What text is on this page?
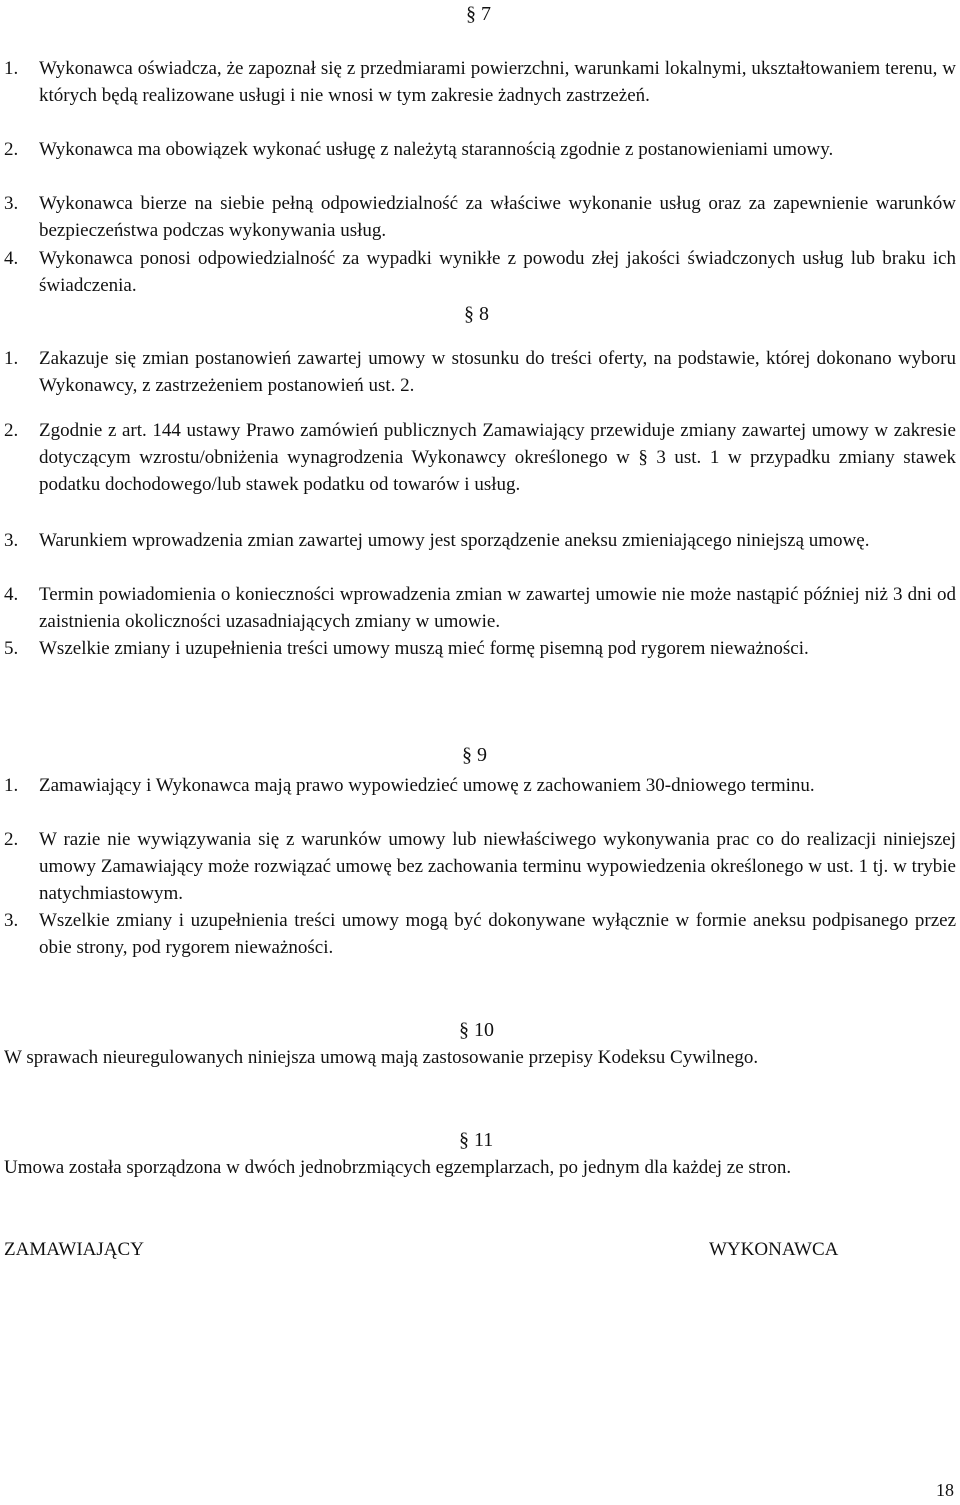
§ 7
1.	Wykonawca oświadcza, że zapoznał się z przedmiarami powierzchni, warunkami lokalnymi, ukształtowaniem terenu, w których będą realizowane usługi i nie wnosi w tym zakresie żadnych zastrzeżeń.
2.	Wykonawca ma obowiązek wykonać usługę z należytą starannością zgodnie z postanowieniami umowy.
3.	Wykonawca bierze na siebie pełną odpowiedzialność za właściwe wykonanie usług oraz za zapewnienie warunków bezpieczeństwa podczas wykonywania usług.
4.	Wykonawca ponosi odpowiedzialność za wypadki wynikłe z powodu złej jakości świadczonych usług lub braku ich świadczenia.
§ 8
1.	Zakazuje się zmian postanowień zawartej umowy w stosunku do treści oferty, na podstawie, której dokonano wyboru Wykonawcy, z zastrzeżeniem postanowień ust. 2.
2.	Zgodnie z art. 144 ustawy Prawo zamówień publicznych Zamawiający przewiduje zmiany zawartej umowy w zakresie dotyczącym wzrostu/obniżenia wynagrodzenia Wykonawcy określonego w § 3 ust. 1 w przypadku zmiany stawek podatku dochodowego/lub stawek podatku od towarów i usług.
3.	Warunkiem wprowadzenia zmian zawartej umowy jest sporządzenie aneksu zmieniającego niniejszą umowę.
4.	Termin powiadomienia o konieczności wprowadzenia zmian w zawartej umowie nie może nastąpić później niż 3 dni od zaistnienia okoliczności uzasadniających zmiany w umowie.
5.	Wszelkie zmiany i uzupełnienia treści umowy muszą mieć formę pisemną pod rygorem nieważności.
§ 9
1.	Zamawiający i Wykonawca mają prawo wypowiedzieć umowę z zachowaniem 30-dniowego terminu.
2.	W razie nie wywiązywania się z warunków umowy lub niewłaściwego wykonywania prac co do realizacji niniejszej umowy Zamawiający może rozwiązać umowę bez zachowania terminu wypowiedzenia określonego w ust. 1 tj. w trybie natychmiastowym.
3.	Wszelkie zmiany i uzupełnienia treści umowy mogą być dokonywane wyłącznie w formie aneksu podpisanego przez obie strony, pod rygorem nieważności.
§ 10
W sprawach nieuregulowanych niniejsza umową mają zastosowanie przepisy Kodeksu Cywilnego.
§ 11
Umowa została sporządzona w dwóch jednobrzmiących egzemplarzach, po jednym dla każdej ze stron.
ZAMAWIAJĄCY	WYKONAWCA
18
